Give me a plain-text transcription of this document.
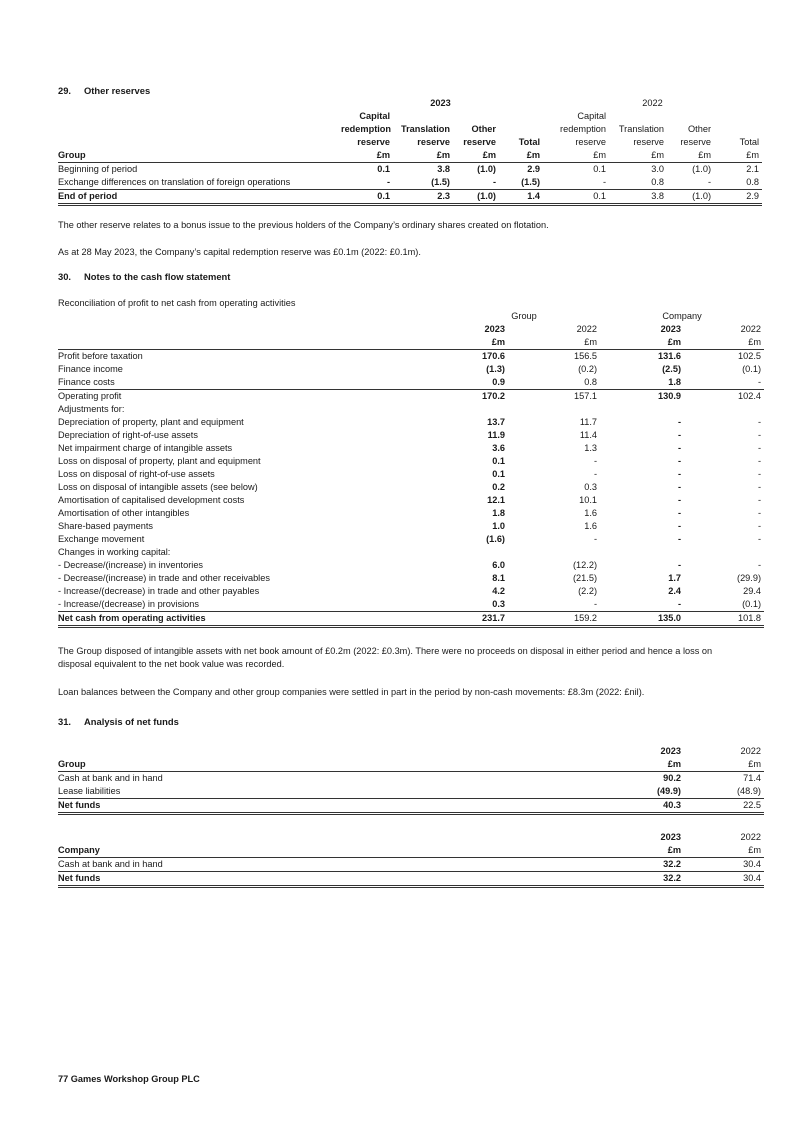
29. Other reserves
	2023				2022			
	Capital				Capital			
	redemption	Translation	Other		redemption	Translation	Other	
	reserve	reserve	reserve	Total	reserve	reserve	reserve	Total
Group	£m	£m	£m	£m	£m	£m	£m	£m
Beginning of period	0.1	3.8	(1.0)	2.9	0.1	3.0	(1.0)	2.1
Exchange differences on translation of foreign operations	-	(1.5)	-	(1.5)	-	0.8	-	0.8
End of period	0.1	2.3	(1.0)	1.4	0.1	3.8	(1.0)	2.9

The other reserve relates to a bonus issue to the previous holders of the Company’s ordinary shares created on flotation.

As at 28 May 2023, the Company’s capital redemption reserve was £0.1m (2022: £0.1m).

30. Notes to the cash flow statement

Reconciliation of profit to net cash from operating activities

	Group		Company	
	2023	2022	2023	2022
	£m	£m	£m	£m
Profit before taxation	170.6	156.5	131.6	102.5
Finance income	(1.3)	(0.2)	(2.5)	(0.1)
Finance costs	0.9	0.8	1.8	-
Operating profit	170.2	157.1	130.9	102.4
Adjustments for:				
Depreciation of property, plant and equipment	13.7	11.7	-	-
Depreciation of right-of-use assets	11.9	11.4	-	-
Net impairment charge of intangible assets	3.6	1.3	-	-
Loss on disposal of property, plant and equipment	0.1	-	-	-
Loss on disposal of right-of-use assets	0.1	-	-	-
Loss on disposal of intangible assets (see below)	0.2	0.3	-	-
Amortisation of capitalised development costs	12.1	10.1	-	-
Amortisation of other intangibles	1.8	1.6	-	-
Share-based payments	1.0	1.6	-	-
Exchange movement	(1.6)	-	-	-
Changes in working capital:				
- Decrease/(increase) in inventories	6.0	(12.2)	-	-
- Decrease/(increase) in trade and other receivables	8.1	(21.5)	1.7	(29.9)
- Increase/(decrease) in trade and other payables	4.2	(2.2)	2.4	29.4
- Increase/(decrease) in provisions	0.3	-	-	(0.1)
Net cash from operating activities	231.7	159.2	135.0	101.8

The Group disposed of intangible assets with net book amount of £0.2m (2022: £0.3m). There were no proceeds on disposal in either period and hence a loss on disposal equivalent to the net book value was recorded.

Loan balances between the Company and other group companies were settled in part in the period by non-cash movements: £8.3m (2022: £nil).

31. Analysis of net funds
	2023	2022
Group	£m	£m
Cash at bank and in hand	90.2	71.4
Lease liabilities	(49.9)	(48.9)
Net funds	40.3	22.5
	2023	2022
Company	£m	£m
Cash at bank and in hand	32.2	30.4
Net funds	32.2	30.4
77 Games Workshop Group PLC
